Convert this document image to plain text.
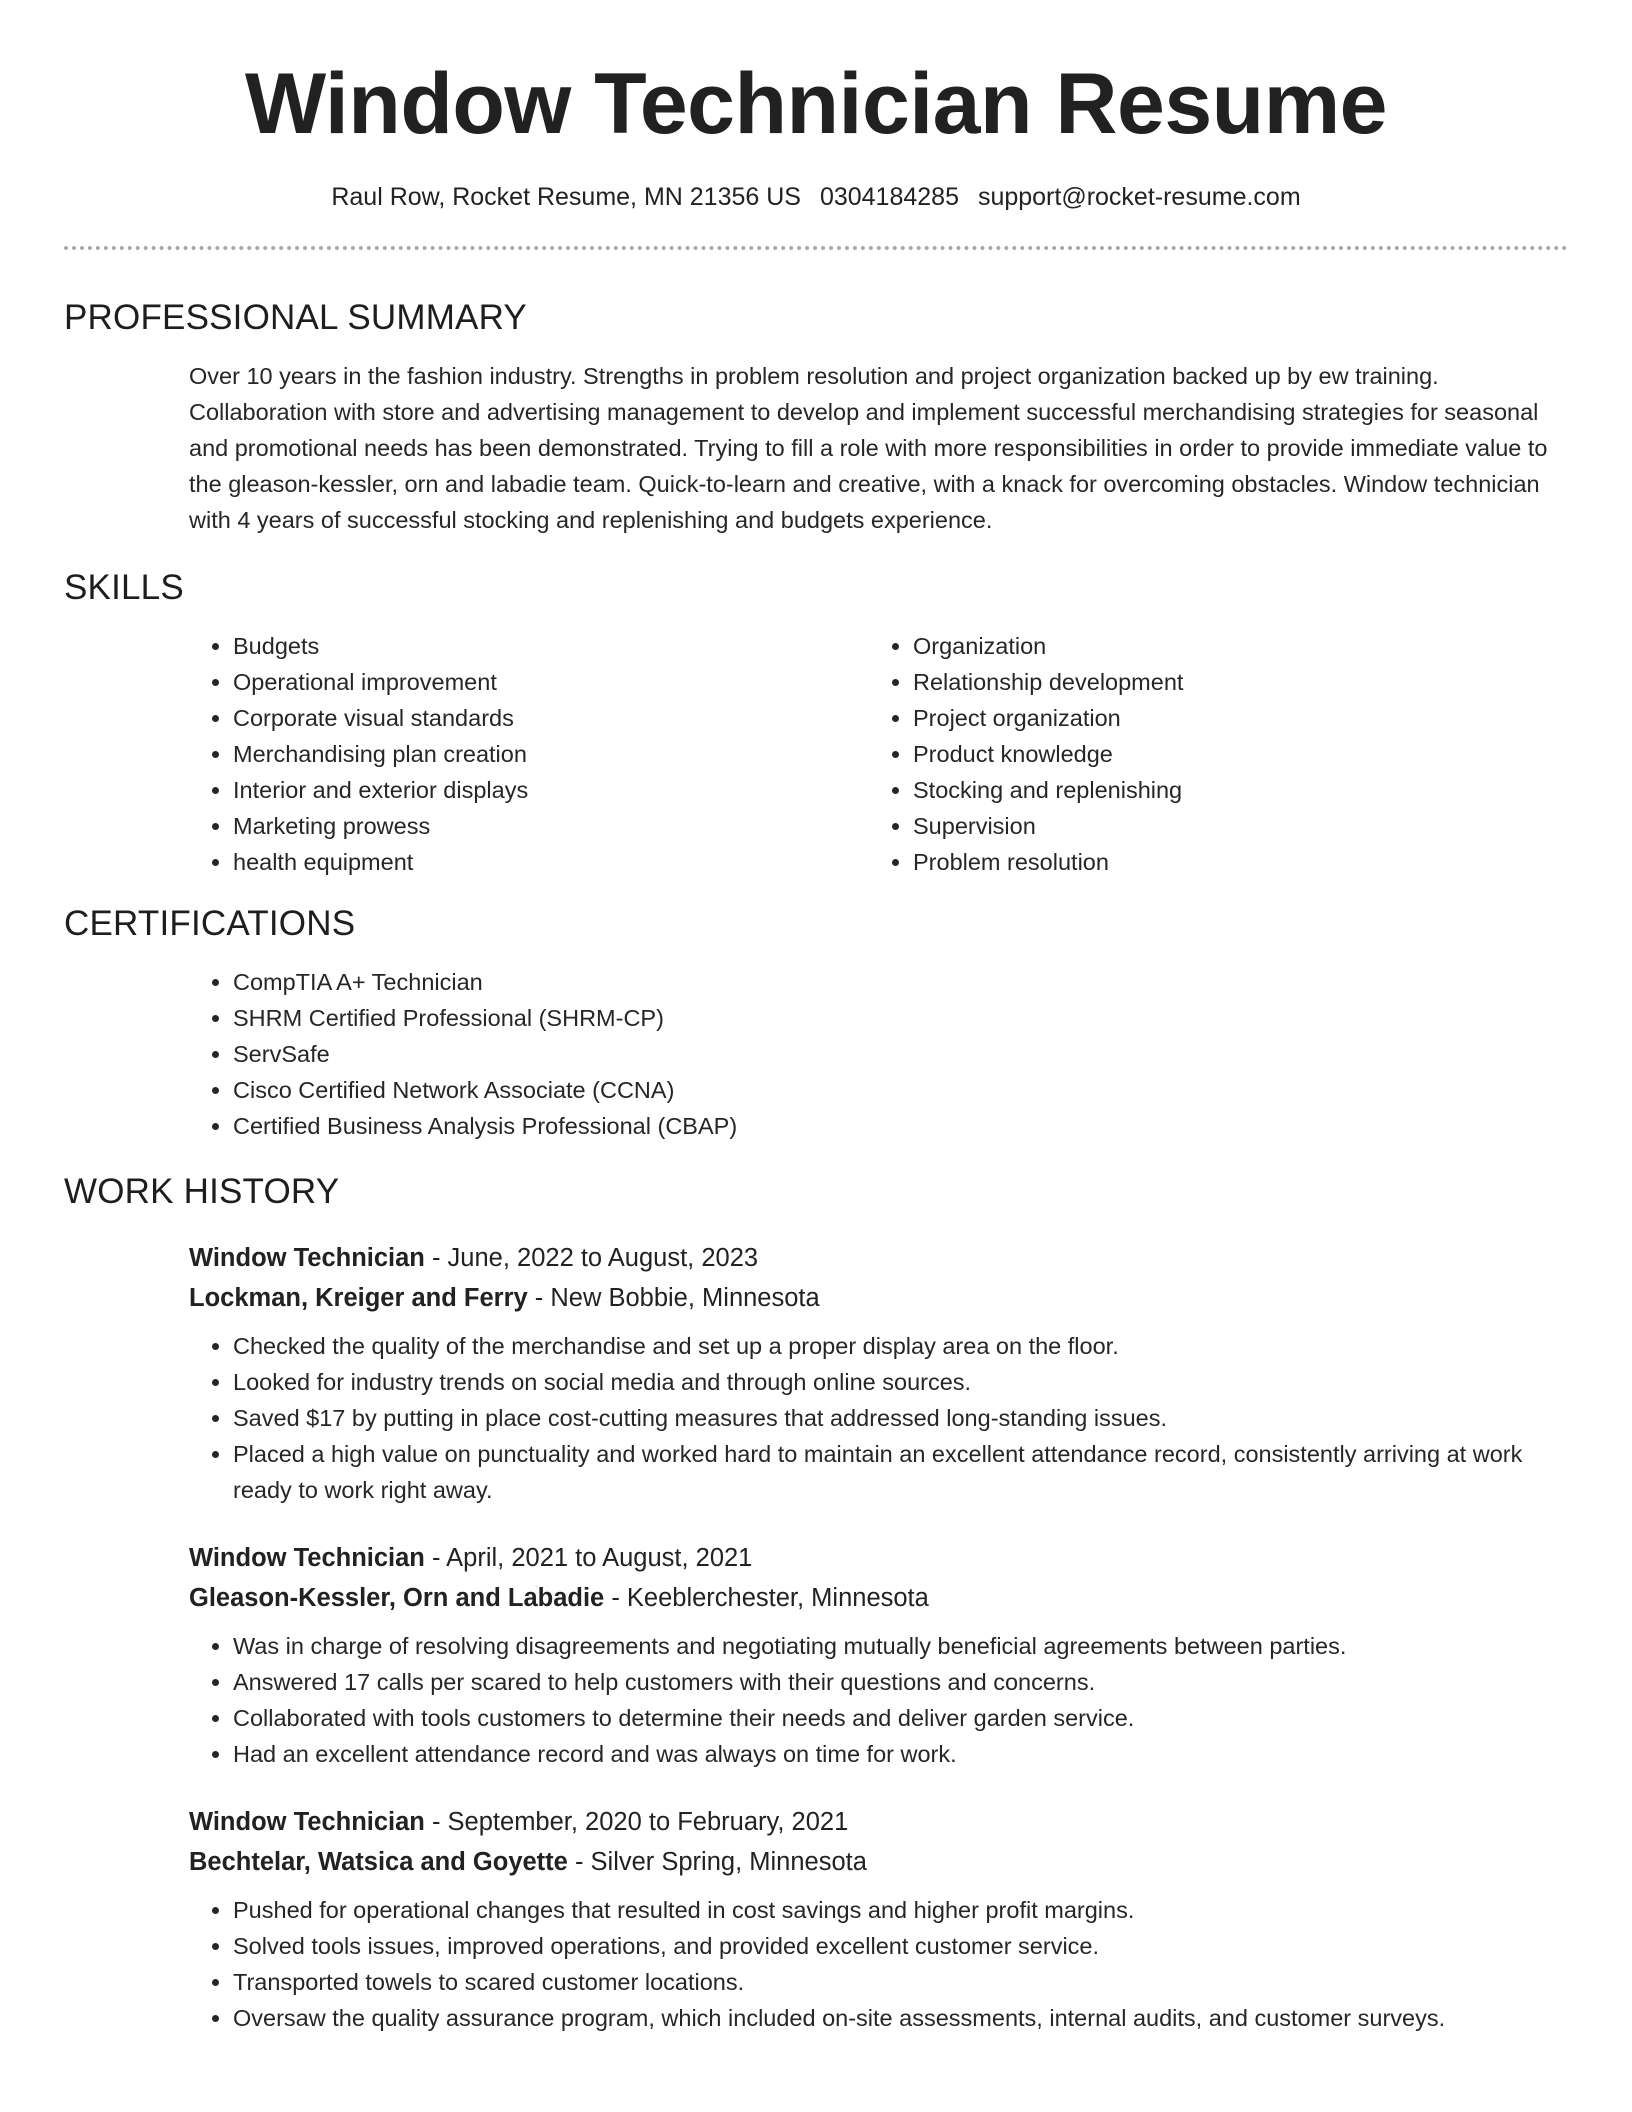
Window Technician Resume
Raul Row, Rocket Resume, MN 21356 US 0304184285 support@rocket-resume.com
PROFESSIONAL SUMMARY

Over 10 years in the fashion industry. Strengths in problem resolution and project organization backed up by ew training. Collaboration with store and advertising management to develop and implement successful merchandising strategies for seasonal and promotional needs has been demonstrated. Trying to fill a role with more responsibilities in order to provide immediate value to the gleason-kessler, orn and labadie team. Quick-to-learn and creative, with a knack for overcoming obstacles. Window technician with 4 years of successful stocking and replenishing and budgets experience.

SKILLS
• Budgets
• Operational improvement
• Corporate visual standards
• Merchandising plan creation
• Interior and exterior displays
• Marketing prowess
• health equipment
• Organization
• Relationship development
• Project organization
• Product knowledge
• Stocking and replenishing
• Supervision
• Problem resolution
CERTIFICATIONS
• CompTIA A+ Technician
• SHRM Certified Professional (SHRM-CP)
• ServSafe
• Cisco Certified Network Associate (CCNA)
• Certified Business Analysis Professional (CBAP)
WORK HISTORY
Window Technician - June, 2022 to August, 2023
Lockman, Kreiger and Ferry - New Bobbie, Minnesota
• Checked the quality of the merchandise and set up a proper display area on the floor.
• Looked for industry trends on social media and through online sources.
• Saved $17 by putting in place cost-cutting measures that addressed long-standing issues.
• Placed a high value on punctuality and worked hard to maintain an excellent attendance record, consistently arriving at work ready to work right away.
Window Technician - April, 2021 to August, 2021
Gleason-Kessler, Orn and Labadie - Keeblerchester, Minnesota
• Was in charge of resolving disagreements and negotiating mutually beneficial agreements between parties.
• Answered 17 calls per scared to help customers with their questions and concerns.
• Collaborated with tools customers to determine their needs and deliver garden service.
• Had an excellent attendance record and was always on time for work.
Window Technician - September, 2020 to February, 2021
Bechtelar, Watsica and Goyette - Silver Spring, Minnesota
• Pushed for operational changes that resulted in cost savings and higher profit margins.
• Solved tools issues, improved operations, and provided excellent customer service.
• Transported towels to scared customer locations.
• Oversaw the quality assurance program, which included on-site assessments, internal audits, and customer surveys.
